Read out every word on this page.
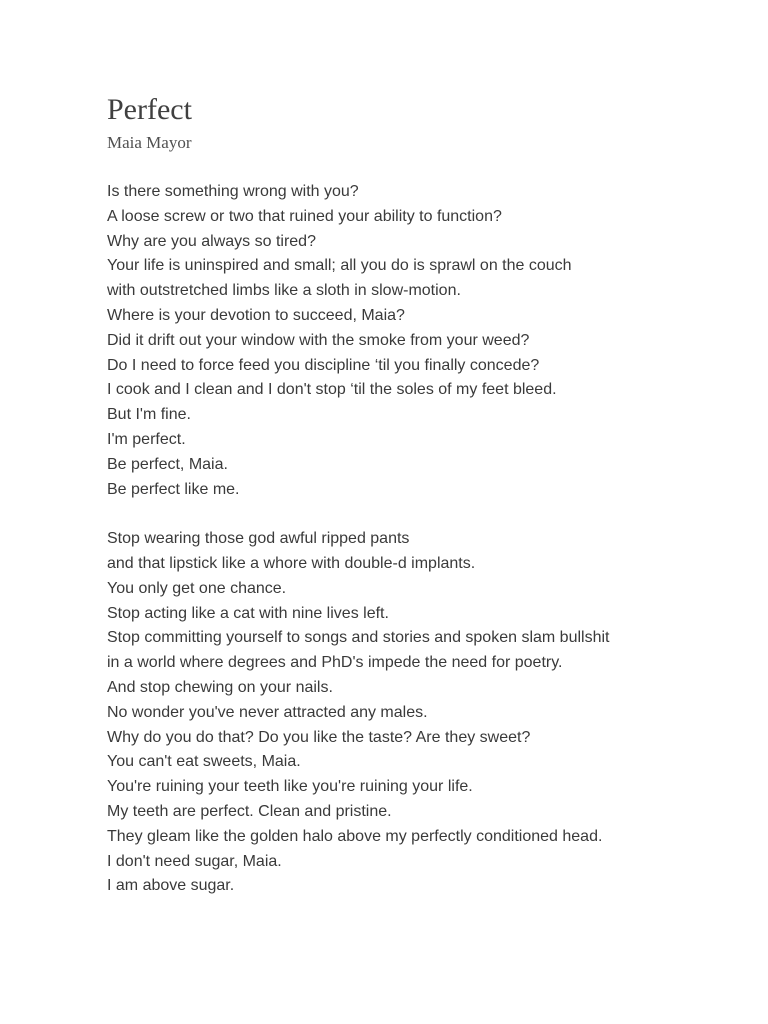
Perfect
Maia Mayor
Is there something wrong with you?
A loose screw or two that ruined your ability to function?
Why are you always so tired?
Your life is uninspired and small; all you do is sprawl on the couch
with outstretched limbs like a sloth in slow-motion.
Where is your devotion to succeed, Maia?
Did it drift out your window with the smoke from your weed?
Do I need to force feed you discipline ‘til you finally concede?
I cook and I clean and I don't stop ‘til the soles of my feet bleed.
But I'm fine.
I'm perfect.
Be perfect, Maia.
Be perfect like me.
Stop wearing those god awful ripped pants
and that lipstick like a whore with double-d implants.
You only get one chance.
Stop acting like a cat with nine lives left.
Stop committing yourself to songs and stories and spoken slam bullshit
in a world where degrees and PhD's impede the need for poetry.
And stop chewing on your nails.
No wonder you've never attracted any males.
Why do you do that? Do you like the taste? Are they sweet?
You can't eat sweets, Maia.
You're ruining your teeth like you're ruining your life.
My teeth are perfect. Clean and pristine.
They gleam like the golden halo above my perfectly conditioned head.
I don't need sugar, Maia.
I am above sugar.
